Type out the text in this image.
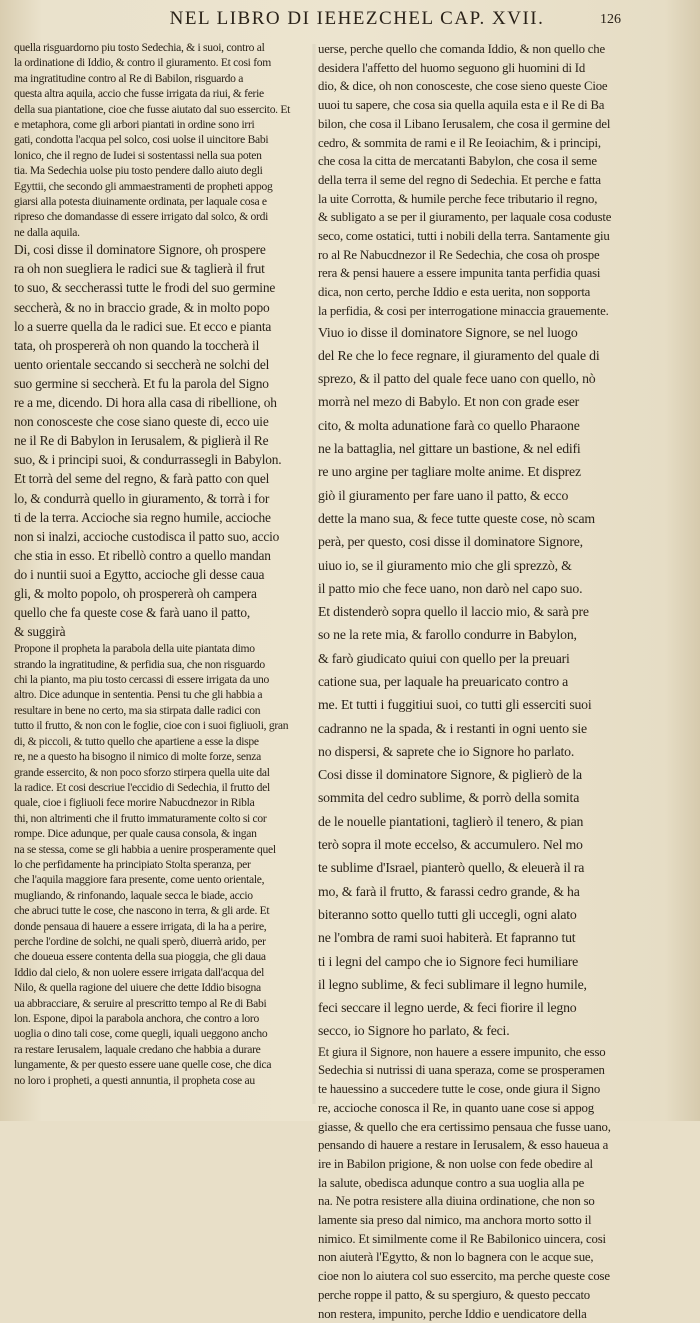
NEL LIBRO DI IEHEZCHEL CAP. XVII.	126
quella risguardorno piu tosto Sedechia, & i suoi, contro al
la ordinatione di Iddio, & contro il giuramento. Et cosi fom
ma ingratitudine contro al Re di Babilon, risguardo a
questa altra aquila, accio che fusse irrigata da riui, & ferie
della sua piantatione, cioe che fusse aiutato dal suo essercito. Et
e metaphora, come gli arbori piantati in ordine sono irri
gati, condotta l'acqua pel solco, cosi uolse il uincitore Babi
lonico, che il regno de Iudei si sostentassi nella sua poten
tia. Ma Sedechia uolse piu tosto pendere dallo aiuto degli
Egyttii, che secondo gli ammaestramenti de propheti appog
giarsi alla potesta diuinamente ordinata, per laquale cosa e
ripreso che domandasse di essere irrigato dal solco, & ordi
ne dalla aquila.
Di, cosi disse il dominatore Signore, oh prospere
ra oh non suegliera le radici sue & taglierà il frut
to suo, & seccherassi tutte le frodi del suo germine
seccherà, & no in braccio grade, & in molto popo
lo a suerre quella da le radici sue. Et ecco e pianta
tata, oh prospererà oh non quando la toccherà il
uento orientale seccando si seccherà ne solchi del
suo germine si seccherà. Et fu la parola del Signo
re a me, dicendo. Di hora alla casa di ribellione, oh
non conosceste che cose siano queste di, ecco uie
ne il Re di Babylon in Ierusalem, & piglierà il Re
suo, & i principi suoi, & condurrassegli in Babylon.
Et torrà del seme del regno, & farà patto con quel
lo, & condurrà quello in giuramento, & torrà i for
ti de la terra. Accioche sia regno humile, accioche
non si inalzi, accioche custodisca il patto suo, accio
che stia in esso. Et ribellò contro a quello mandan
do i nuntii suoi a Egytto, accioche gli desse caua
gli, & molto popolo, oh prospererà oh campera
quello che fa queste cose & farà uano il patto,
& suggirà
Propone il propheta la parabola della uite piantata dimo
strando la ingratitudine, & perfidia sua, che non risguardo
chi la pianto, ma piu tosto cercassi di essere irrigata da uno
altro. Dice adunque in sententia. Pensi tu che gli habbia a
resultare in bene no certo, ma sia stirpata dalle radici con
tutto il frutto, & non con le foglie, cioe con i suoi figliuoli, gran
di, & piccoli, & tutto quello che apartiene a esse la dispe
re, ne a questo ha bisogno il nimico di molte forze, senza
grande essercito, & non poco sforzo stirpera quella uite dal
la radice. Et cosi descriue l'eccidio di Sedechia, il frutto del
quale, cioe i figliuoli fece morire Nabucdnezor in Ribla
thi, non altrimenti che il frutto immaturamente colto si cor
rompe. Dice adunque, per quale causa consola, & ingan
na se stessa, come se gli habbia a uenire prosperamente quel
lo che perfidamente ha principiato Stolta speranza, per
che l'aquila maggiore fara presente, come uento orientale,
mugliando, & rinfonando, laquale secca le biade, accio
che abruci tutte le cose, che nascono in terra, & gli arde. Et
donde pensaua di hauere a essere irrigata, di la ha a perire,
perche l'ordine de solchi, ne quali sperò, diuerrà arido, per
che doueua essere contenta della sua pioggia, che gli daua
Iddio dal cielo, & non uolere essere irrigata dall'acqua del
Nilo, & quella ragione del uiuere che dette Iddio bisogna
ua abbracciare, & seruire al prescritto tempo al Re di Babi
lon. Espone, dipoi la parabola anchora, che contro a loro
uoglia o dino tali cose, come quegli, iquali ueggono ancho
ra restare Ierusalem, laquale credano che habbia a durare
lungamente, & per questo essere uane quelle cose, che dica
no loro i propheti, a questi annuntia, il propheta cose au
uerse, perche quello che comanda Iddio, & non quello che
desidera l'affetto del huomo seguono gli huomini di Id
dio, & dice, oh non conosceste, che cose sieno queste Cioe
uuoi tu sapere, che cosa sia quella aquila esta e il Re di Ba
bilon, che cosa il Libano Ierusalem, che cosa il germine del
cedro, & sommita de rami e il Re Ieoiachim, & i principi,
che cosa la citta de mercatanti Babylon, che cosa il seme
della terra il seme del regno di Sedechia. Et perche e fatta
la uite Corrotta, & humile perche fece tributario il regno,
& subligato a se per il giuramento, per laquale cosa coduste
seco, come ostatici, tutti i nobili della terra. Santamente giu
ro al Re Nabucdnezor il Re Sedechia, che cosa oh prospe
rera & pensi hauere a essere impunita tanta perfidia quasi
dica, non certo, perche Iddio e esta uerita, non sopporta
la perfidia, & cosi per interrogatione minaccia grauemente.
Viuo io disse il dominatore Signore, se nel luogo
del Re che lo fece regnare, il giuramento del quale di
sprezo, & il patto del quale fece uano con quello, nò
morrà nel mezo di Babylo. Et non con grade eser
cito, & molta adunatione farà co quello Pharaone
ne la battaglia, nel gittare un bastione, & nel edifi
re uno argine per tagliare molte anime. Et disprez
giò il giuramento per fare uano il patto, & ecco
dette la mano sua, & fece tutte queste cose, nò scam
perà, per questo, cosi disse il dominatore Signore,
uiuo io, se il giuramento mio che gli sprezzò, &
il patto mio che fece uano, non darò nel capo suo.
Et distenderò sopra quello il laccio mio, & sarà pre
so ne la rete mia, & farollo condurre in Babylon,
& farò giudicato quiui con quello per la preuari
catione sua, per laquale ha preuaricato contro a
me. Et tutti i fuggitiui suoi, co tutti gli esserciti suoi
cadranno ne la spada, & i restanti in ogni uento sie
no dispersi, & saprete che io Signore ho parlato.
Cosi disse il dominatore Signore, & piglierò de la
sommita del cedro sublime, & porrò della somita
de le nouelle piantationi, taglierò il tenero, & pian
terò sopra il mote eccelso, & accumulero. Nel mo
te sublime d'Israel, pianterò quello, & eleuerà il ra
mo, & farà il frutto, & farassi cedro grande, & ha
biteranno sotto quello tutti gli uccegli, ogni alato
ne l'ombra de rami suoi habiterà. Et fapranno tut
ti i legni del campo che io Signore feci humiliare
il legno sublime, & feci sublimare il legno humile,
feci seccare il legno uerde, & feci fiorire il legno
secco, io Signore ho parlato, & feci.
Et giura il Signore, non hauere a essere impunito, che esso
Sedechia si nutrissi di uana speraza, come se prosperamen
te hauessino a succedere tutte le cose, onde giura il Signo
re, accioche conosca il Re, in quanto uane cose si appog
giasse, & quello che era certissimo pensaua che fusse uano,
pensando di hauere a restare in Ierusalem, & esso haueua a
ire in Babilon prigione, & non uolse con fede obedire al
la salute, obedisca adunque contro a sua uoglia alla pe
na. Ne potra resistere alla diuina ordinatione, che non so
lamente sia preso dal nimico, ma anchora morto sotto il
nimico. Et similmente come il Re Babilonico uincera, cosi
non aiuterà l'Egytto, & non lo bagnera con le acque sue,
cioe non lo aiutera col suo essercito, ma perche queste cose
perche roppe il patto, & su spergiuro, & questo peccato
non restera, impunito, perche Iddio e uendicatore della
